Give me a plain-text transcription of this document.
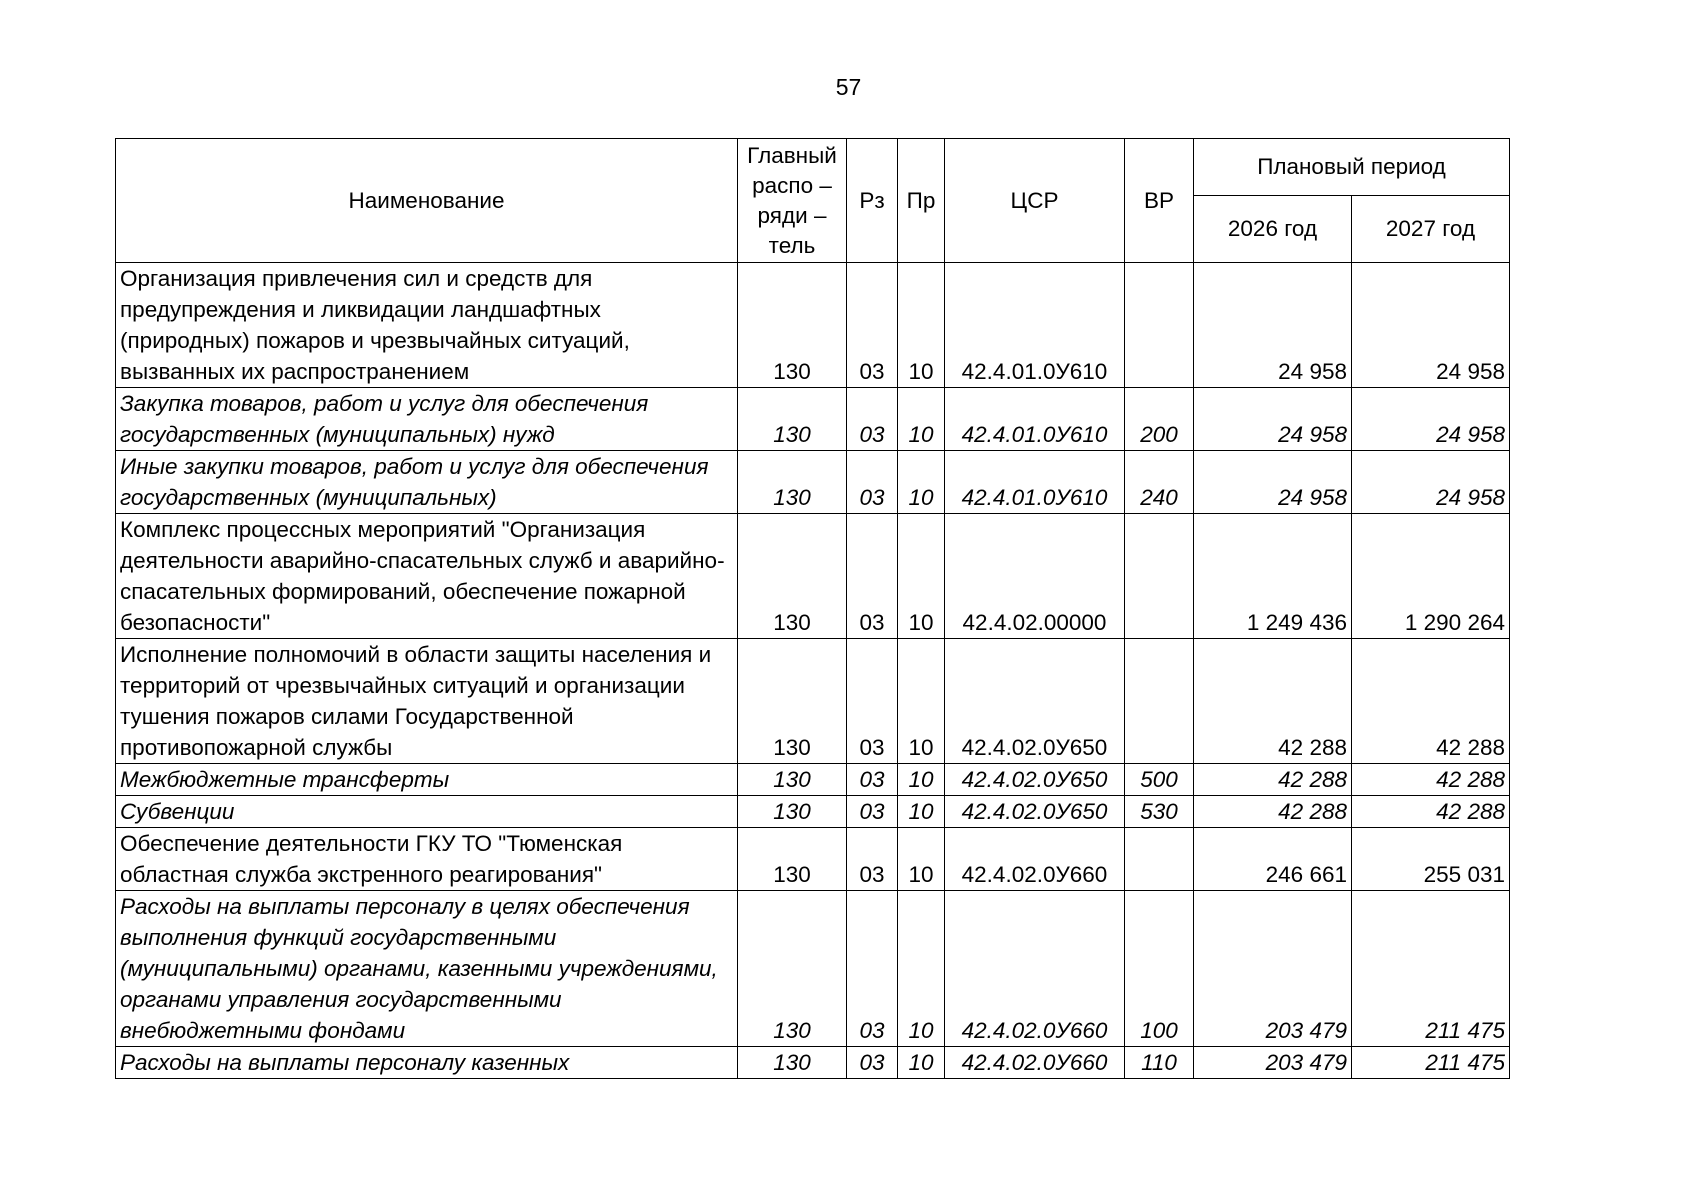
57
Наименование	Главный распо – ряди – тель	Рз	Пр	ЦСР	ВР	Плановый период	
						2026 год	2027 год
Организация привлечения сил и средств для предупреждения и ликвидации ландшафтных (природных) пожаров и чрезвычайных ситуаций, вызванных их распространением	130	03	10	42.4.01.0У610		24 958	24 958
Закупка товаров, работ и услуг для обеспечения государственных (муниципальных) нужд	130	03	10	42.4.01.0У610	200	24 958	24 958
Иные закупки товаров, работ и услуг для обеспечения государственных (муниципальных)	130	03	10	42.4.01.0У610	240	24 958	24 958
Комплекс процессных мероприятий "Организация деятельности аварийно-спасательных служб и аварийно-спасательных формирований, обеспечение пожарной безопасности"	130	03	10	42.4.02.00000		1 249 436	1 290 264
Исполнение полномочий в области защиты населения и территорий от чрезвычайных ситуаций и организации тушения пожаров силами Государственной противопожарной службы	130	03	10	42.4.02.0У650		42 288	42 288
Межбюджетные трансферты	130	03	10	42.4.02.0У650	500	42 288	42 288
Субвенции	130	03	10	42.4.02.0У650	530	42 288	42 288
Обеспечение деятельности ГКУ ТО "Тюменская областная служба экстренного реагирования"	130	03	10	42.4.02.0У660		246 661	255 031
Расходы на выплаты персоналу в целях обеспечения выполнения функций государственными (муниципальными) органами, казенными учреждениями, органами управления государственными внебюджетными фондами	130	03	10	42.4.02.0У660	100	203 479	211 475
Расходы на выплаты персоналу казенных	130	03	10	42.4.02.0У660	110	203 479	211 475
